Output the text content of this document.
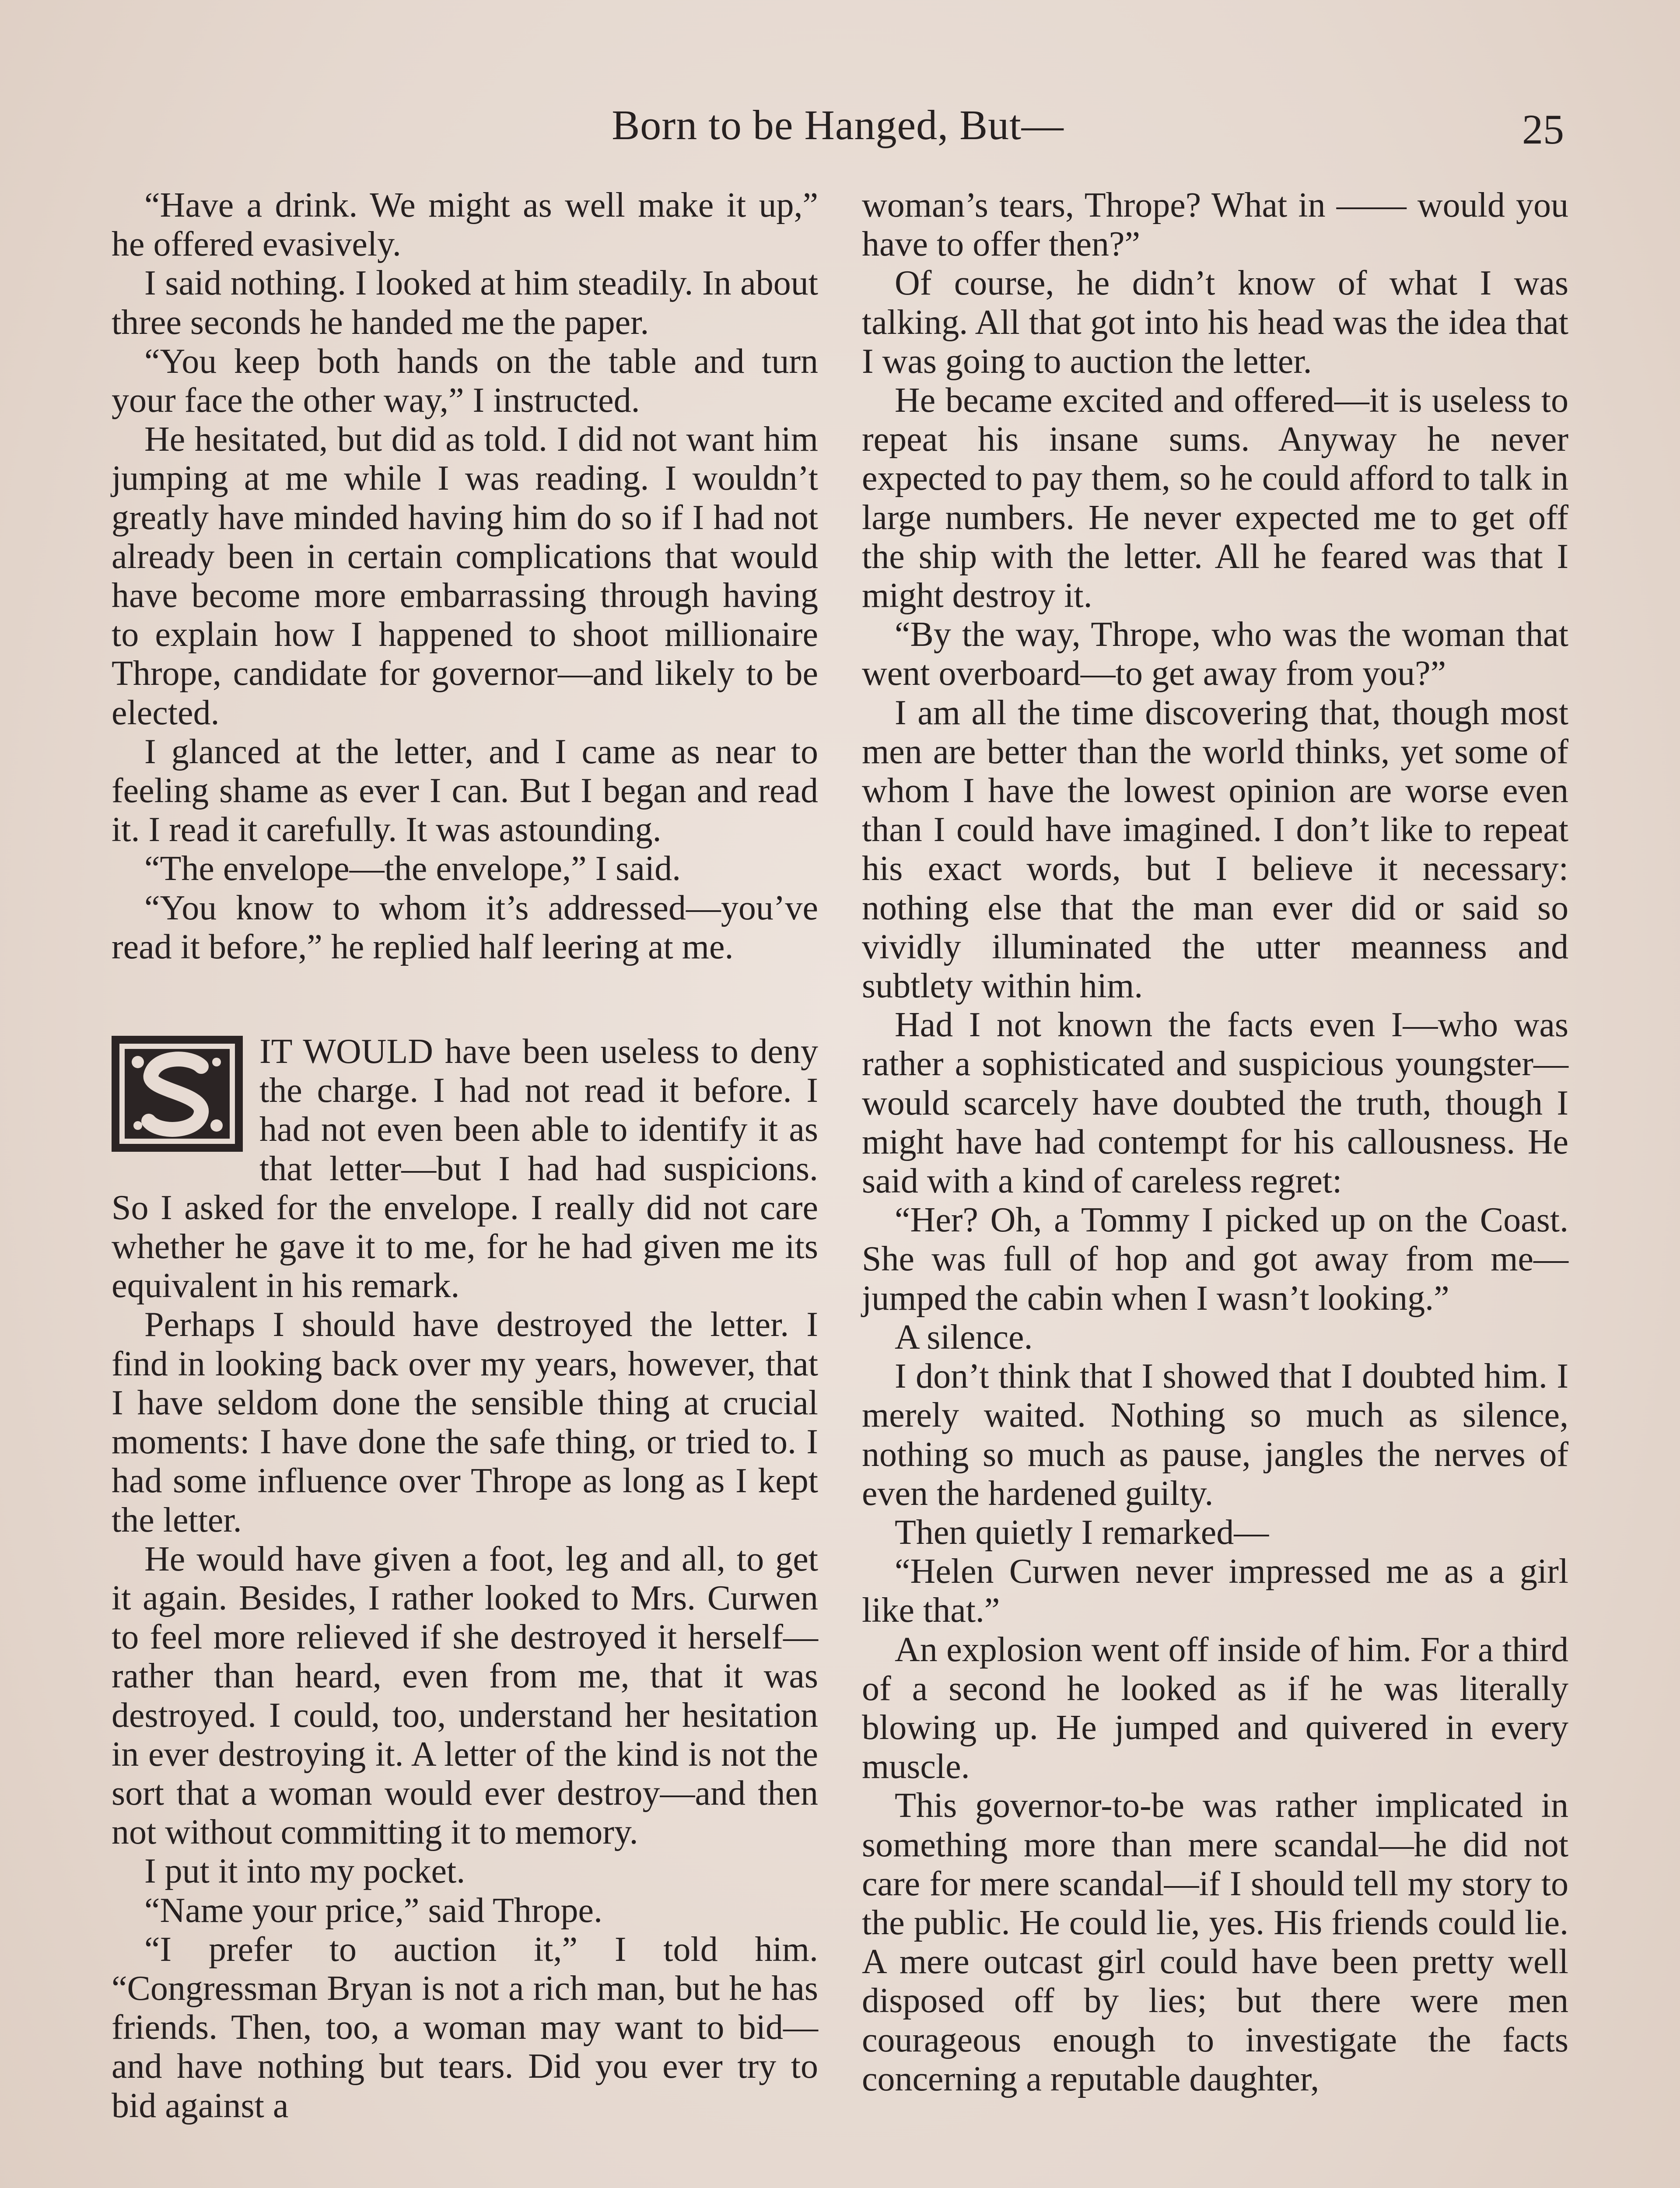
Born to be Hanged, But—	25

“Have a drink. We might as well make it up,” he offered evasively.

I said nothing. I looked at him steadily. In about three seconds he handed me the paper.

“You keep both hands on the table and turn your face the other way,” I instructed.

He hesitated, but did as told. I did not want him jumping at me while I was reading. I wouldn’t greatly have minded having him do so if I had not already been in certain complications that would have become more embarrassing through having to explain how I happened to shoot millionaire Thrope, candidate for governor—and likely to be elected.

I glanced at the letter, and I came as near to feeling shame as ever I can. But I began and read it. I read it carefully. It was astounding.

“The envelope—the envelope,” I said.

“You know to whom it’s addressed—you’ve read it before,” he replied half leering at me.

IT WOULD have been useless to deny the charge. I had not read it before. I had not even been able to identify it as that letter—but I had had suspicions. So I asked for the envelope. I really did not care whether he gave it to me, for he had given me its equivalent in his remark.

Perhaps I should have destroyed the letter. I find in looking back over my years, however, that I have seldom done the sensible thing at crucial moments: I have done the safe thing, or tried to. I had some influence over Thrope as long as I kept the letter.

He would have given a foot, leg and all, to get it again. Besides, I rather looked to Mrs. Curwen to feel more relieved if she destroyed it herself—rather than heard, even from me, that it was destroyed. I could, too, understand her hesitation in ever destroying it. A letter of the kind is not the sort that a woman would ever destroy—and then not without committing it to memory.

I put it into my pocket.

“Name your price,” said Thrope.

“I prefer to auction it,” I told him. “Congressman Bryan is not a rich man, but he has friends. Then, too, a woman may want to bid—and have nothing but tears. Did you ever try to bid against a

woman’s tears, Thrope? What in —— would you have to offer then?”

Of course, he didn’t know of what I was talking. All that got into his head was the idea that I was going to auction the letter.

He became excited and offered—it is useless to repeat his insane sums. Anyway he never expected to pay them, so he could afford to talk in large numbers. He never expected me to get off the ship with the letter. All he feared was that I might destroy it.

“By the way, Thrope, who was the woman that went overboard—to get away from you?”

I am all the time discovering that, though most men are better than the world thinks, yet some of whom I have the lowest opinion are worse even than I could have imagined. I don’t like to repeat his exact words, but I believe it necessary: nothing else that the man ever did or said so vividly illuminated the utter meanness and subtlety within him.

Had I not known the facts even I—who was rather a sophisticated and suspicious youngster—would scarcely have doubted the truth, though I might have had contempt for his callousness. He said with a kind of careless regret:

“Her? Oh, a Tommy I picked up on the Coast. She was full of hop and got away from me—jumped the cabin when I wasn’t looking.”

A silence.

I don’t think that I showed that I doubted him. I merely waited. Nothing so much as silence, nothing so much as pause, jangles the nerves of even the hardened guilty.

Then quietly I remarked—

“Helen Curwen never impressed me as a girl like that.”

An explosion went off inside of him. For a third of a second he looked as if he was literally blowing up. He jumped and quivered in every muscle.

This governor-to-be was rather implicated in something more than mere scandal—he did not care for mere scandal—if I should tell my story to the public. He could lie, yes. His friends could lie. A mere outcast girl could have been pretty well disposed off by lies; but there were men courageous enough to investigate the facts concerning a reputable daughter,
